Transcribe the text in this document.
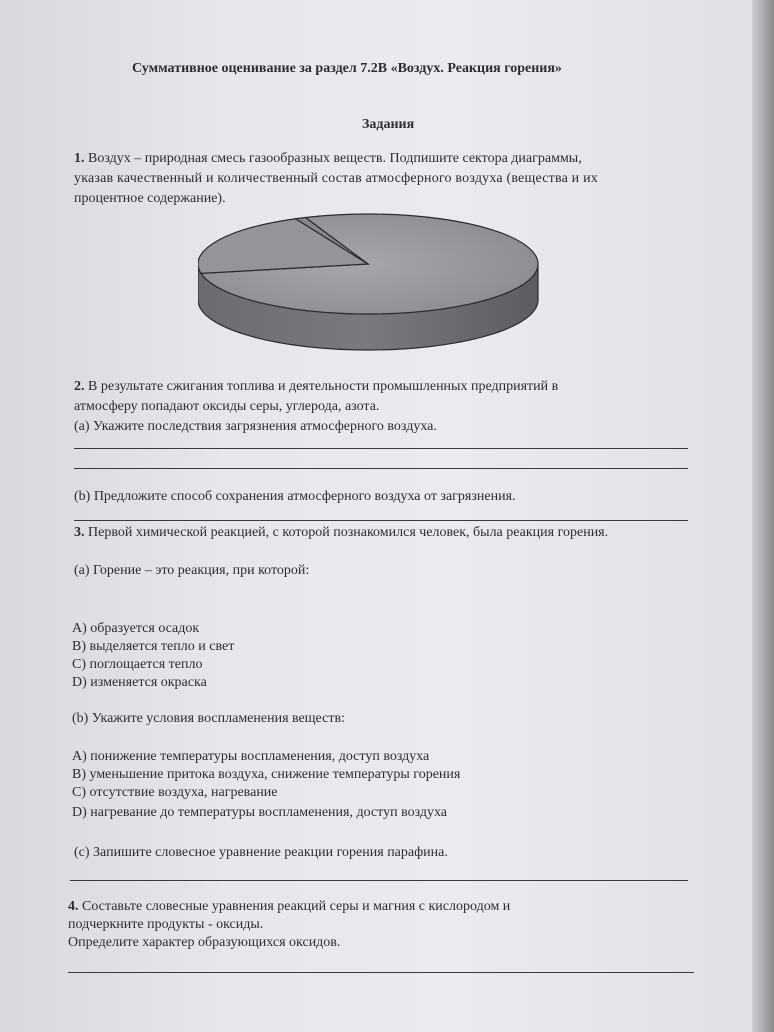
Суммативное оценивание за раздел 7.2В «Воздух. Реакция горения»
Задания
1. Воздух – природная смесь газообразных веществ. Подпишите сектора диаграммы,
указав качественный и количественный состав атмосферного воздуха (вещества и их
процентное содержание).
2. В результате сжигания топлива и деятельности промышленных предприятий в
атмосферу попадают оксиды серы, углерода, азота.
(а) Укажите последствия загрязнения атмосферного воздуха.
(b) Предложите способ сохранения атмосферного воздуха от загрязнения.
3. Первой химической реакцией, с которой познакомился человек, была реакция горения.
(а) Горение – это реакция, при которой:
А) образуется осадок
В) выделяется тепло и свет
С) поглощается тепло
D) изменяется окраска
(b) Укажите условия воспламенения веществ:
А) понижение температуры воспламенения, доступ воздуха
В) уменьшение притока воздуха, снижение температуры горения
С) отсутствие воздуха, нагревание
D) нагревание до температуры воспламенения, доступ воздуха
(c) Запишите словесное уравнение реакции горения парафина.
4. Составьте словесные уравнения реакций серы и магния с кислородом и
подчеркните продукты - оксиды.
Определите характер образующихся оксидов.
